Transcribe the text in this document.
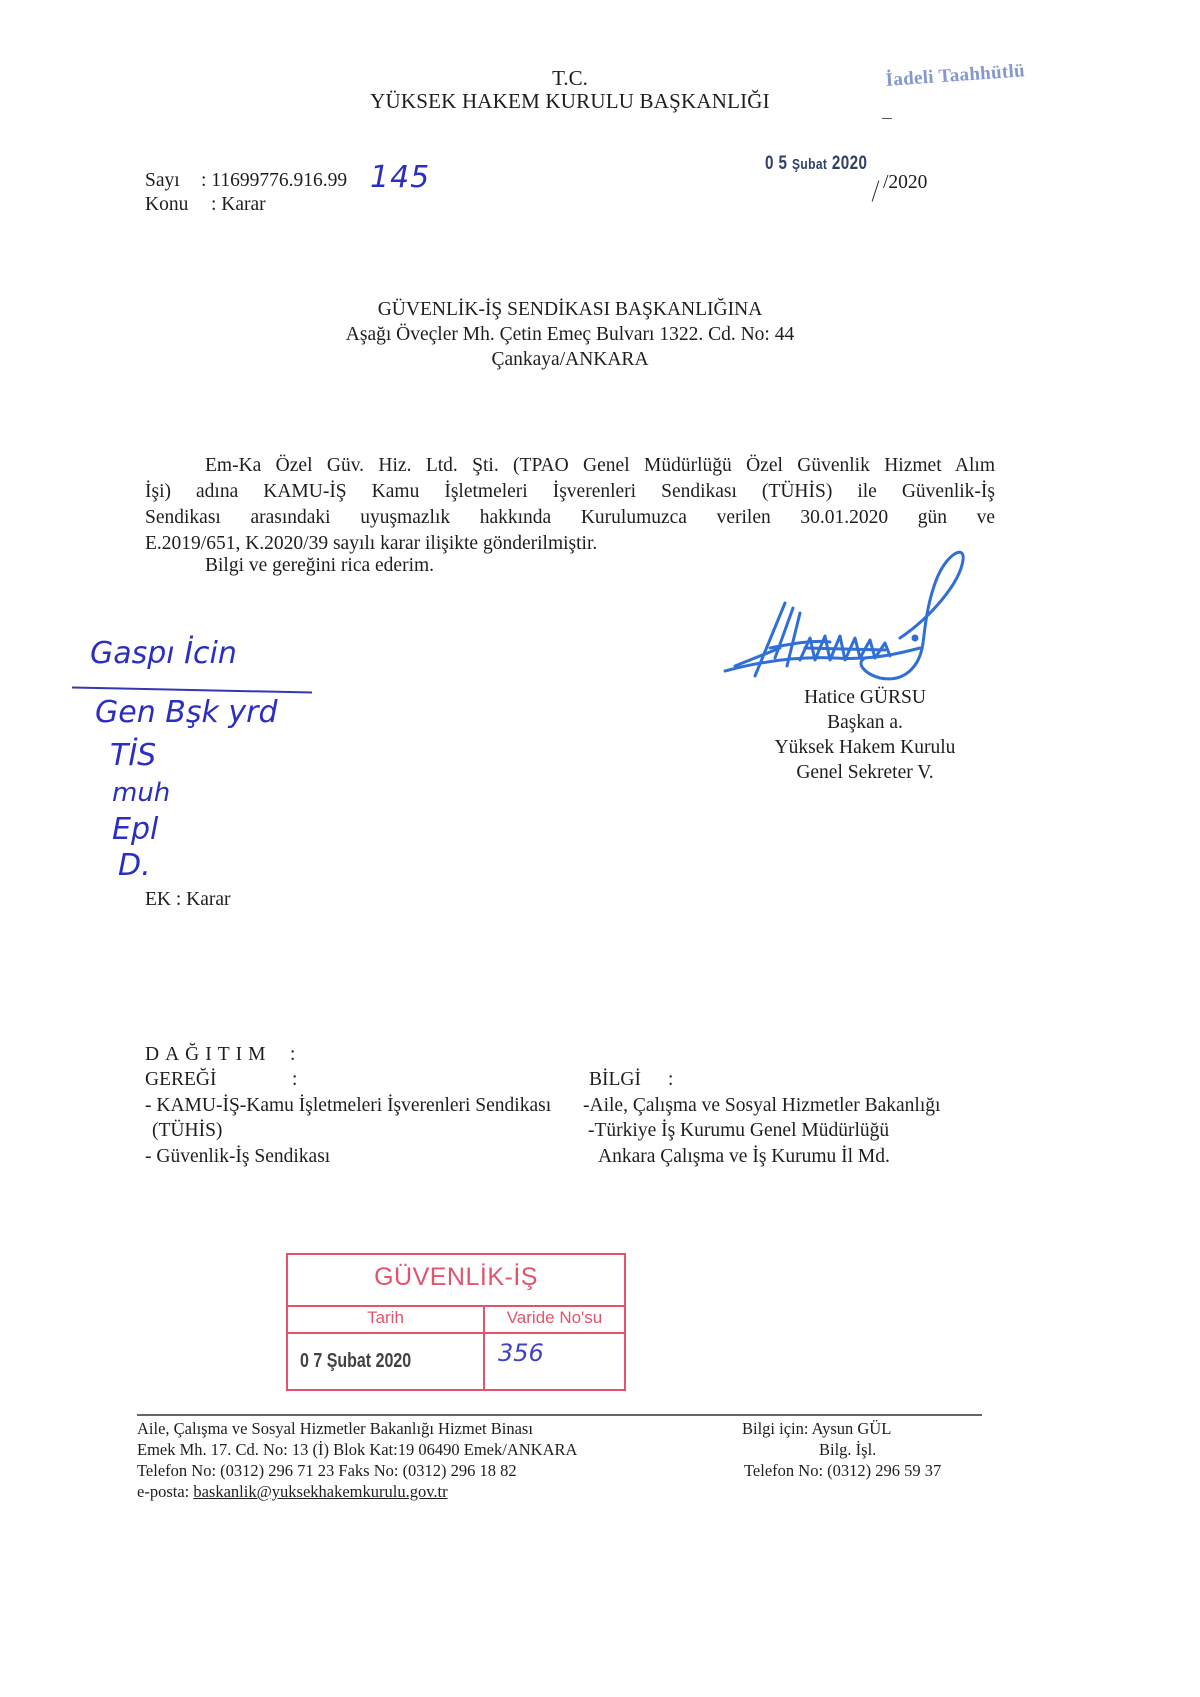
T.C.
YÜKSEK HAKEM KURULU BAŞKANLIĞI
İadeli Taahhütlü
Sayı : 11699776.916.99 145
Konu : Karar
0 5 Şubat 2020
/2020
GÜVENLİK-İŞ SENDİKASI BAŞKANLIĞINA
Aşağı Öveçler Mh. Çetin Emeç Bulvarı 1322. Cd. No: 44
Çankaya/ANKARA

Em-Ka Özel Güv. Hiz. Ltd. Şti. (TPAO Genel Müdürlüğü Özel Güvenlik Hizmet Alım

İşi) adına KAMU-İŞ Kamu İşletmeleri İşverenleri Sendikası (TÜHİS) ile Güvenlik-İş

Sendikası arasındaki uyuşmazlık hakkında Kurulumuzca verilen 30.01.2020 gün ve

E.2019/651, K.2020/39 sayılı karar ilişikte gönderilmiştir.

Bilgi ve gereğini rica ederim.
Gaspı İcin
Gen Bşk yrd
TİS
muh
Epl
D.
Hatice GÜRSU
Başkan a.
Yüksek Hakem Kurulu
Genel Sekreter V.
EK : Karar
DAĞITIM :
GEREĞİ	:
- KAMU-İŞ-Kamu İşletmeleri İşverenleri Sendikası
(TÜHİS)
- Güvenlik-İş Sendikası
BİLGİ :
-Aile, Çalışma ve Sosyal Hizmetler Bakanlığı
-Türkiye İş Kurumu Genel Müdürlüğü
Ankara Çalışma ve İş Kurumu İl Md.
GÜVENLİK-İŞ
Tarih	Varide No'su
0 7 Şubat 2020	356
Aile, Çalışma ve Sosyal Hizmetler Bakanlığı Hizmet Binası
Emek Mh. 17. Cd. No: 13 (İ) Blok Kat:19 06490 Emek/ANKARA
Telefon No: (0312) 296 71 23 Faks No: (0312) 296 18 82
e-posta: baskanlik@yuksekhakemkurulu.gov.tr
Bilgi için: Aysun GÜL
Bilg. İşl.
Telefon No: (0312) 296 59 37
